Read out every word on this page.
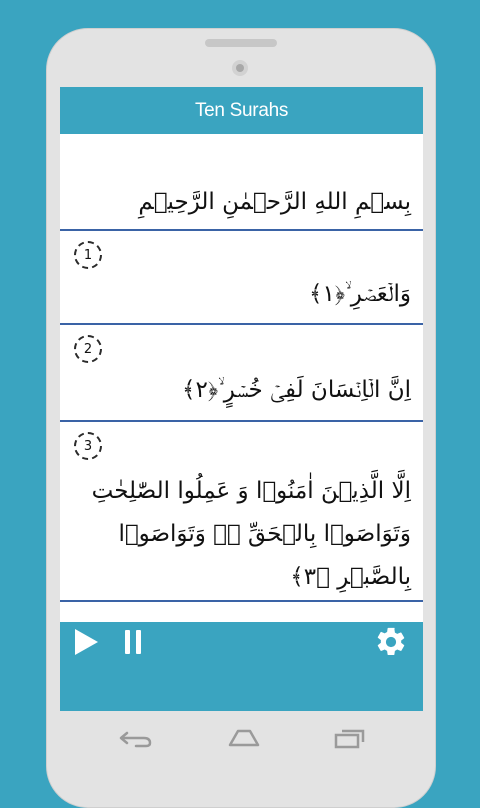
Ten Surahs
بِسۡمِ اللهِ الرَّحۡمٰنِ الرَّحِیۡمِ
1
وَالۡعَصۡرِ ۙ﴿۱﴾
2
اِنَّ الۡاِنۡسَانَ لَفِیۡ خُسۡرٍ ۙ﴿۲﴾
3
اِلَّا الَّذِیۡنَ اٰمَنُوۡا وَ عَمِلُوا الصّٰلِحٰتِ وَتَوَاصَوۡا بِالۡحَقِّ ۬ۙ وَتَوَاصَوۡا بِالصَّبۡرِ ﴿۳﴾
